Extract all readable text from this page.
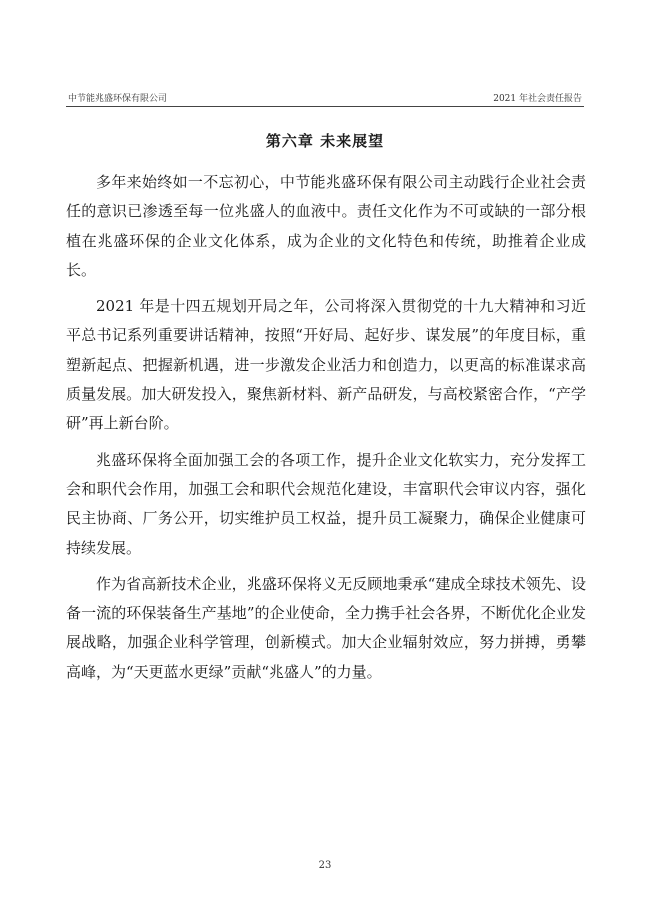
中节能兆盛环保有限公司	2021 年社会责任报告
第六章 未来展望

多年来始终如一不忘初心，中节能兆盛环保有限公司主动践行企业社会责任的意识已渗透至每一位兆盛人的血液中。责任文化作为不可或缺的一部分根植在兆盛环保的企业文化体系，成为企业的文化特色和传统，助推着企业成长。

2021 年是十四五规划开局之年，公司将深入贯彻党的十九大精神和习近平总书记系列重要讲话精神，按照“开好局、起好步、谋发展”的年度目标，重塑新起点、把握新机遇，进一步激发企业活力和创造力，以更高的标准谋求高质量发展。加大研发投入，聚焦新材料、新产品研发，与高校紧密合作，“产学研”再上新台阶。

兆盛环保将全面加强工会的各项工作，提升企业文化软实力，充分发挥工会和职代会作用，加强工会和职代会规范化建设，丰富职代会审议内容，强化民主协商、厂务公开，切实维护员工权益，提升员工凝聚力，确保企业健康可持续发展。

作为省高新技术企业，兆盛环保将义无反顾地秉承“建成全球技术领先、设备一流的环保装备生产基地”的企业使命，全力携手社会各界，不断优化企业发展战略，加强企业科学管理，创新模式。加大企业辐射效应，努力拼搏，勇攀高峰，为“天更蓝水更绿”贡献“兆盛人”的力量。

23
